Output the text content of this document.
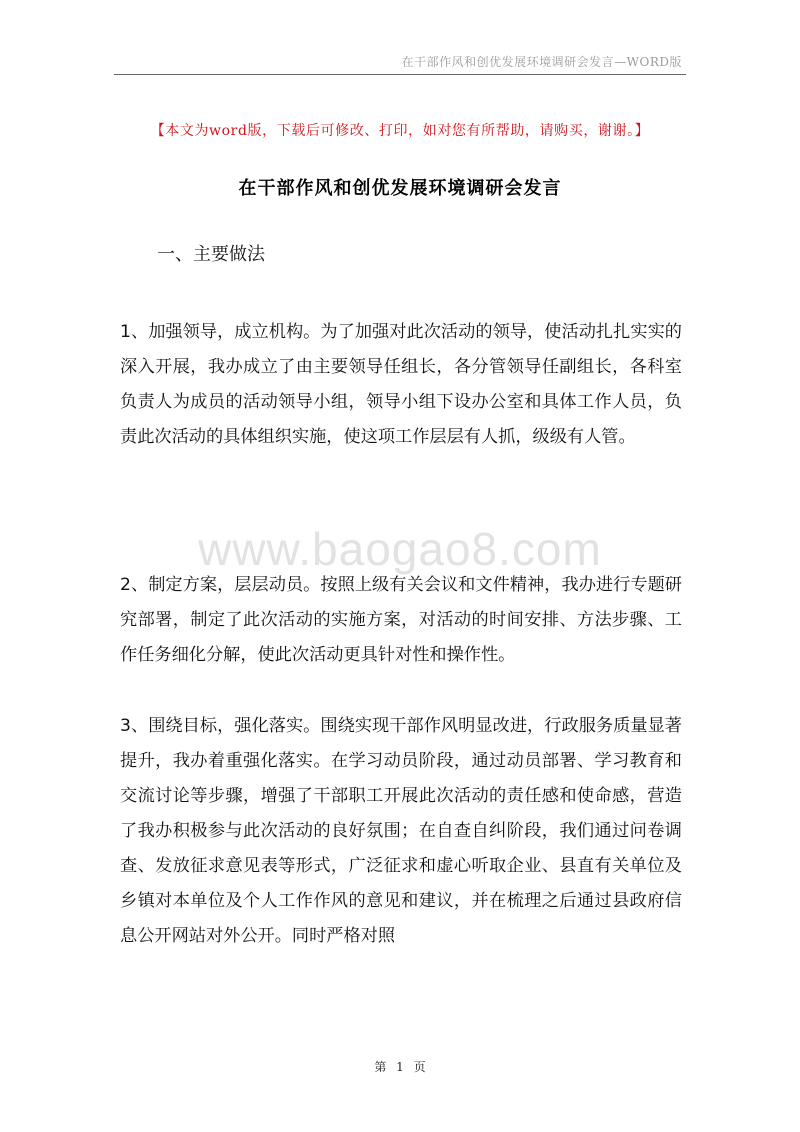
在干部作风和创优发展环境调研会发言—WORD版
【本文为word版，下载后可修改、打印，如对您有所帮助，请购买，谢谢。】
在干部作风和创优发展环境调研会发言
一、主要做法
www.baogao8.com

1、加强领导，成立机构。为了加强对此次活动的领导，使活动扎扎实实的深入开展，我办成立了由主要领导任组长，各分管领导任副组长，各科室负责人为成员的活动领导小组，领导小组下设办公室和具体工作人员，负责此次活动的具体组织实施，使这项工作层层有人抓，级级有人管。

2、制定方案，层层动员。按照上级有关会议和文件精神，我办进行专题研究部署，制定了此次活动的实施方案，对活动的时间安排、方法步骤、工作任务细化分解，使此次活动更具针对性和操作性。

3、围绕目标，强化落实。围绕实现干部作风明显改进，行政服务质量显著提升，我办着重强化落实。在学习动员阶段，通过动员部署、学习教育和交流讨论等步骤，增强了干部职工开展此次活动的责任感和使命感，营造了我办积极参与此次活动的良好氛围；在自查自纠阶段，我们通过问卷调查、发放征求意见表等形式，广泛征求和虚心听取企业、县直有关单位及乡镇对本单位及个人工作作风的意见和建议，并在梳理之后通过县政府信息公开网站对外公开。同时严格对照

第 1 页
